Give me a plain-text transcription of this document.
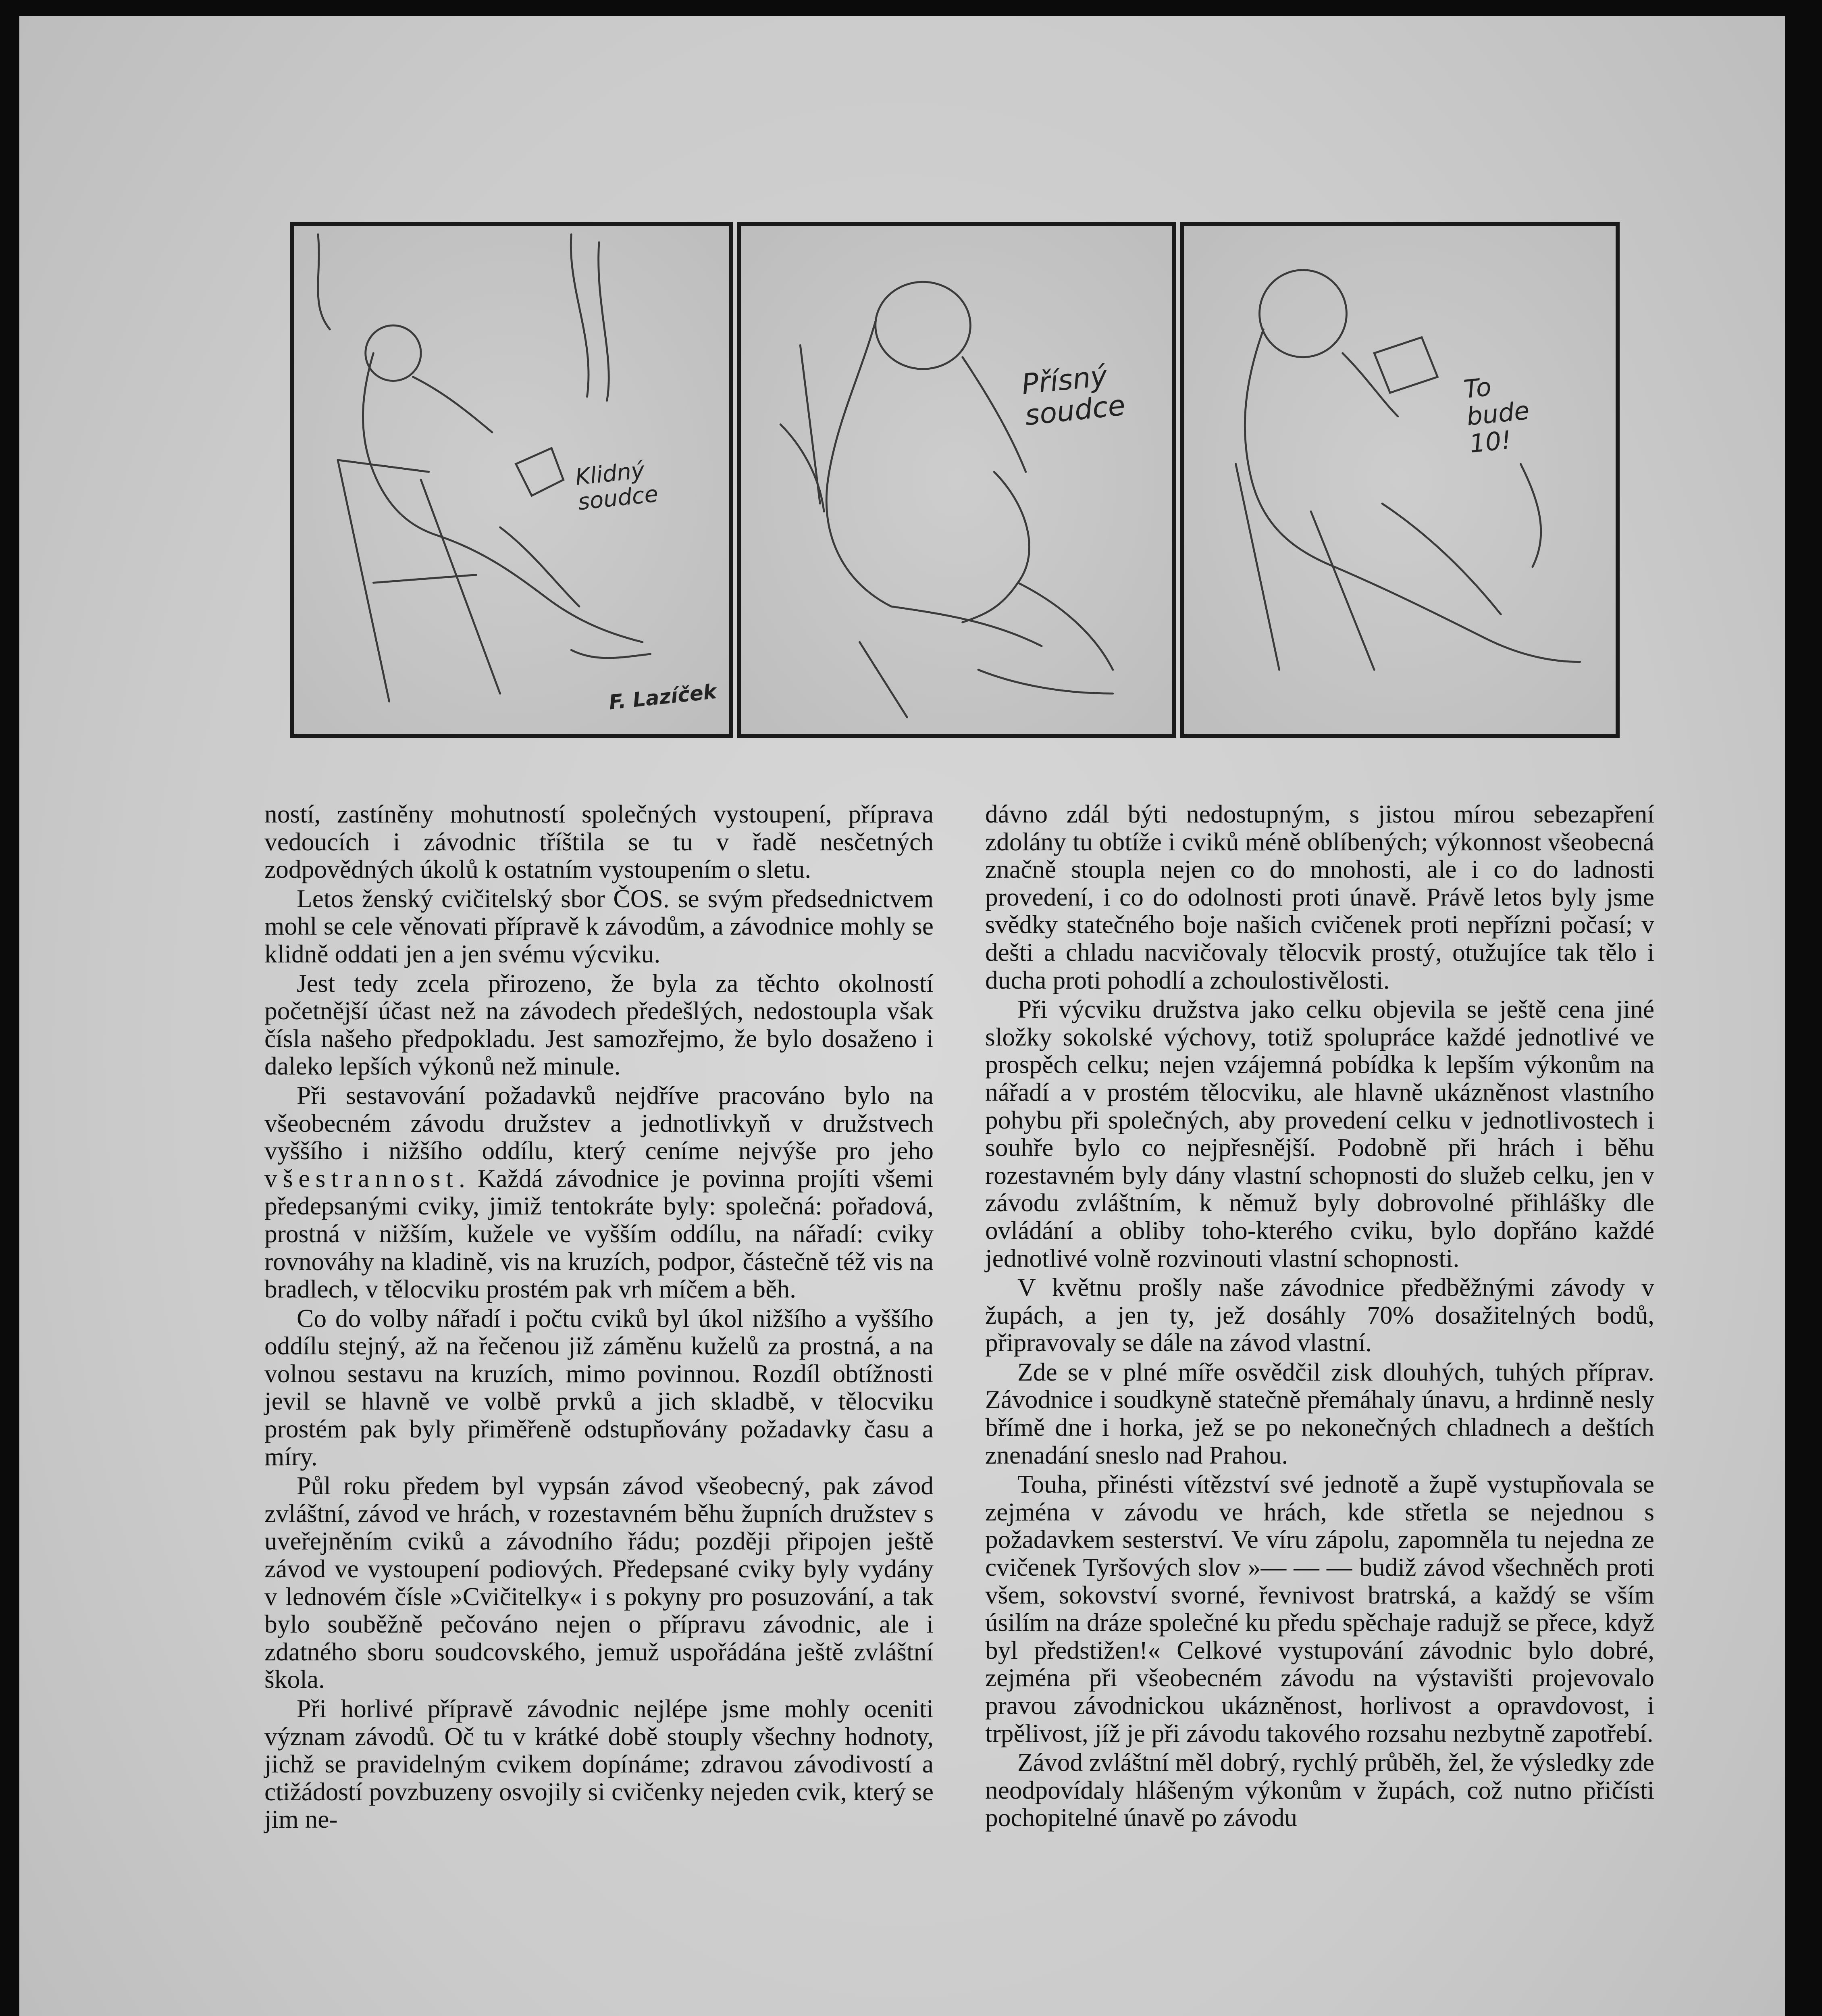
Klidný soudce
F. Lazíček
Přísný soudce
To bude 10!

ností, zastíněny mohutností společných vystoupení, příprava vedoucích i závodnic tříštila se tu v řadě nesčetných zodpovědných úkolů k ostatním vystoupením o sletu.

Letos ženský cvičitelský sbor ČOS. se svým předsednictvem mohl se cele věnovati přípravě k závodům, a závodnice mohly se klidně oddati jen a jen svému výcviku.

Jest tedy zcela přirozeno, že byla za těchto okolností početnější účast než na závodech předešlých, nedostoupla však čísla našeho předpokladu. Jest samozřejmo, že bylo dosaženo i daleko lepších výkonů než minule.

Při sestavování požadavků nejdříve pracováno bylo na všeobecném závodu družstev a jednotlivkyň v družstvech vyššího i nižšího oddílu, který ceníme nejvýše pro jeho všestrannost. Každá závodnice je povinna projíti všemi předepsanými cviky, jimiž tentokráte byly: společná: pořadová, prostná v nižším, kužele ve vyšším oddílu, na nářadí: cviky rovnováhy na kladině, vis na kruzích, podpor, částečně též vis na bradlech, v tělocviku prostém pak vrh míčem a běh.

Co do volby nářadí i počtu cviků byl úkol nižšího a vyššího oddílu stejný, až na řečenou již záměnu kuželů za prostná, a na volnou sestavu na kruzích, mimo povinnou. Rozdíl obtížnosti jevil se hlavně ve volbě prvků a jich skladbě, v tělocviku prostém pak byly přiměřeně odstupňovány požadavky času a míry.

Půl roku předem byl vypsán závod všeobecný, pak závod zvláštní, závod ve hrách, v rozestavném běhu župních družstev s uveřejněním cviků a závodního řádu; později připojen ještě závod ve vystoupení podiových. Předepsané cviky byly vydány v lednovém čísle »Cvičitelky« i s pokyny pro posuzování, a tak bylo souběžně pečováno nejen o přípravu závodnic, ale i zdatného sboru soudcovského, jemuž uspořádána ještě zvláštní škola.

Při horlivé přípravě závodnic nejlépe jsme mohly oceniti význam závodů. Oč tu v krátké době stouply všechny hodnoty, jichž se pravidelným cvikem dopínáme; zdravou závodivostí a ctižádostí povzbuzeny osvojily si cvičenky nejeden cvik, který se jim ne-

dávno zdál býti nedostupným, s jistou mírou sebezapření zdolány tu obtíže i cviků méně oblíbených; výkonnost všeobecná značně stoupla nejen co do mnohosti, ale i co do ladnosti provedení, i co do odolnosti proti únavě. Právě letos byly jsme svědky statečného boje našich cvičenek proti nepřízni počasí; v dešti a chladu nacvičovaly tělocvik prostý, otužujíce tak tělo i ducha proti pohodlí a zchoulostivělosti.

Při výcviku družstva jako celku objevila se ještě cena jiné složky sokolské výchovy, totiž spolupráce každé jednotlivé ve prospěch celku; nejen vzájemná pobídka k lepším výkonům na nářadí a v prostém tělocviku, ale hlavně ukázněnost vlastního pohybu při společných, aby provedení celku v jednotlivostech i souhře bylo co nejpřesnější. Podobně při hrách i běhu rozestavném byly dány vlastní schopnosti do služeb celku, jen v závodu zvláštním, k němuž byly dobrovolné přihlášky dle ovládání a obliby toho-kterého cviku, bylo dopřáno každé jednotlivé volně rozvinouti vlastní schopnosti.

V květnu prošly naše závodnice předběžnými závody v župách, a jen ty, jež dosáhly 70% dosažitelných bodů, připravovaly se dále na závod vlastní.

Zde se v plné míře osvědčil zisk dlouhých, tuhých příprav. Závodnice i soudkyně statečně přemáhaly únavu, a hrdinně nesly břímě dne i horka, jež se po nekonečných chladnech a deštích znenadání sneslo nad Prahou.

Touha, přinésti vítězství své jednotě a župě vystupňovala se zejména v závodu ve hrách, kde střetla se nejednou s požadavkem sesterství. Ve víru zápolu, zapomněla tu nejedna ze cvičenek Tyršových slov »— — — budiž závod všechněch proti všem, sokovství svorné, řevnivost bratrská, a každý se vším úsilím na dráze společné ku předu spěchaje radujž se přece, když byl předstižen!« Celkové vystupování závodnic bylo dobré, zejména při všeobecném závodu na výstavišti projevovalo pravou závodnickou ukázněnost, horlivost a opravdovost, i trpělivost, jíž je při závodu takového rozsahu nezbytně zapotřebí.

Závod zvláštní měl dobrý, rychlý průběh, žel, že výsledky zde neodpovídaly hlášeným výkonům v župách, což nutno přičísti pochopitelné únavě po závodu
